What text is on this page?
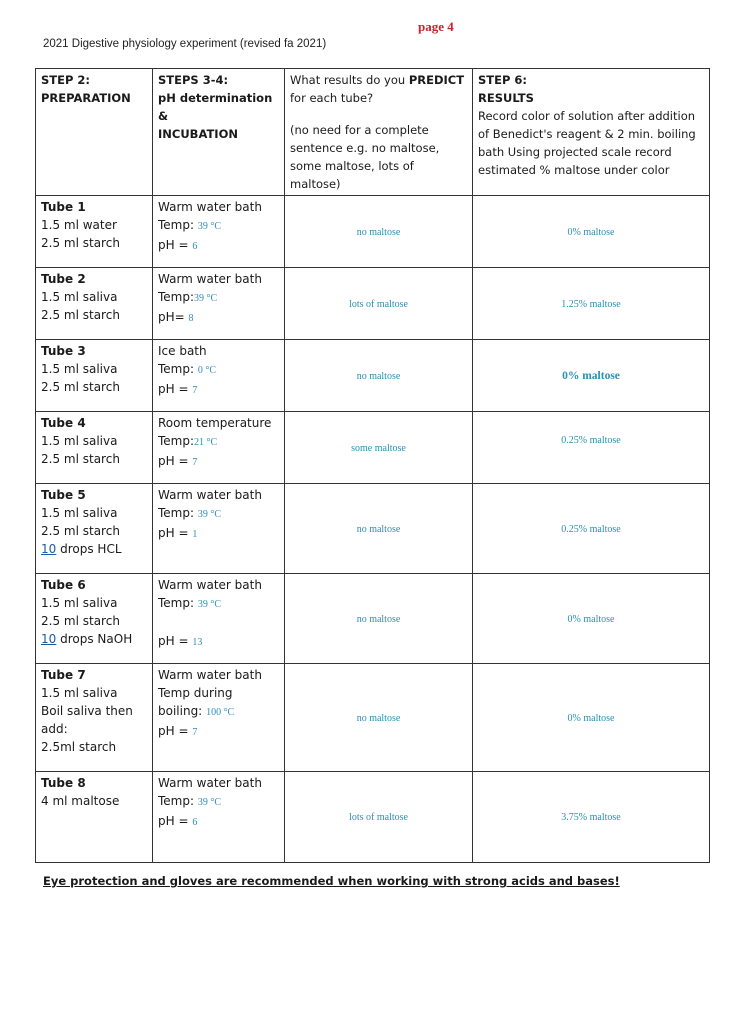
page 4
2021 Digestive physiology experiment (revised fa 2021)
STEP 2:
PREPARATION	STEPS 3-4:
pH determination
&
INCUBATION	What results do you PREDICT for each tube?
(no need for a complete sentence e.g. no maltose, some maltose, lots of maltose)	STEP 6:
RESULTS
Record color of solution after addition of Benedict's reagent & 2 min. boiling bath Using projected scale record estimated % maltose under color

Tube 1
1.5 ml water
2.5 ml starch	Warm water bath
Temp: 39 °C
pH = 6	no maltose	0% maltose

Tube 2
1.5 ml saliva
2.5 ml starch	Warm water bath
Temp:39 °C
pH= 8	lots of maltose	1.25% maltose

Tube 3
1.5 ml saliva
2.5 ml starch	Ice bath
Temp: 0 °C
pH = 7	no maltose	0% maltose

Tube 4
1.5 ml saliva
2.5 ml starch	Room temperature
Temp:21 °C
pH = 7	some maltose	0.25% maltose

Tube 5
1.5 ml saliva
2.5 ml starch
10 drops HCL	Warm water bath
Temp: 39 °C
pH = 1	no maltose	0.25% maltose

Tube 6
1.5 ml saliva
2.5 ml starch
10 drops NaOH	Warm water bath
Temp: 39 °C
pH = 13	no maltose	0% maltose

Tube 7
1.5 ml saliva
Boil saliva then
add:
2.5ml starch	Warm water bath
Temp during
boiling: 100 °C
pH = 7	no maltose	0% maltose

Tube 8
4 ml maltose	Warm water bath
Temp: 39 °C
pH = 6	lots of maltose	3.75% maltose
Eye protection and gloves are recommended when working with strong acids and bases!
